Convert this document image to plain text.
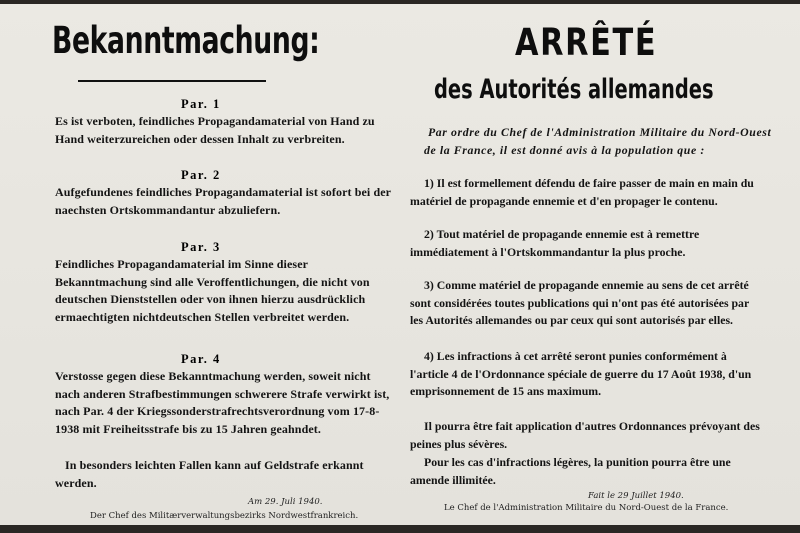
Bekanntmachung:
Par. 1
Es ist verboten, feindliches Propagandamaterial von Hand zu Hand weiterzureichen oder dessen Inhalt zu verbreiten.
Par. 2
Aufgefundenes feindliches Propagandamaterial ist sofort bei der naechsten Ortskommandantur abzuliefern.
Par. 3
Feindliches Propagandamaterial im Sinne dieser Bekanntmachung sind alle Veroffentlichungen, die nicht von deutschen Dienststellen oder von ihnen hierzu ausdrücklich ermaechtigten nichtdeutschen Stellen verbreitet werden.
Par. 4
Verstosse gegen diese Bekanntmachung werden, soweit nicht nach anderen Strafbestimmungen schwerere Strafe verwirkt ist, nach Par. 4 der Kriegssonderstrafrechtsverordnung vom 17-8-1938 mit Freiheitsstrafe bis zu 15 Jahren geahndet.
In besonders leichten Fallen kann auf Geldstrafe erkannt werden.
Am 29. Juli 1940.
Der Chef des Militærverwaltungsbezirks Nordwestfrankreich.
ARRÊTÉ
des Autorités allemandes
Par ordre du Chef de l'Administration Militaire du Nord-Ouest de la France, il est donné avis à la population que :
1) Il est formellement défendu de faire passer de main en main du matériel de propagande ennemie et d'en propager le contenu.
2) Tout matériel de propagande ennemie est à remettre immédiatement à l'Ortskommandantur la plus proche.
3) Comme matériel de propagande ennemie au sens de cet arrêté sont considérées toutes publications qui n'ont pas été autorisées par les Autorités allemandes ou par ceux qui sont autorisés par elles.
4) Les infractions à cet arrêté seront punies conformément à l'article 4 de l'Ordonnance spéciale de guerre du 17 Août 1938, d'un emprisonnement de 15 ans maximum.
Il pourra être fait application d'autres Ordonnances prévoyant des peines plus sévères.
Pour les cas d'infractions légères, la punition pourra être une amende illimitée.
Fait le 29 Juillet 1940.
Le Chef de l'Administration Militaire du Nord-Ouest de la France.
